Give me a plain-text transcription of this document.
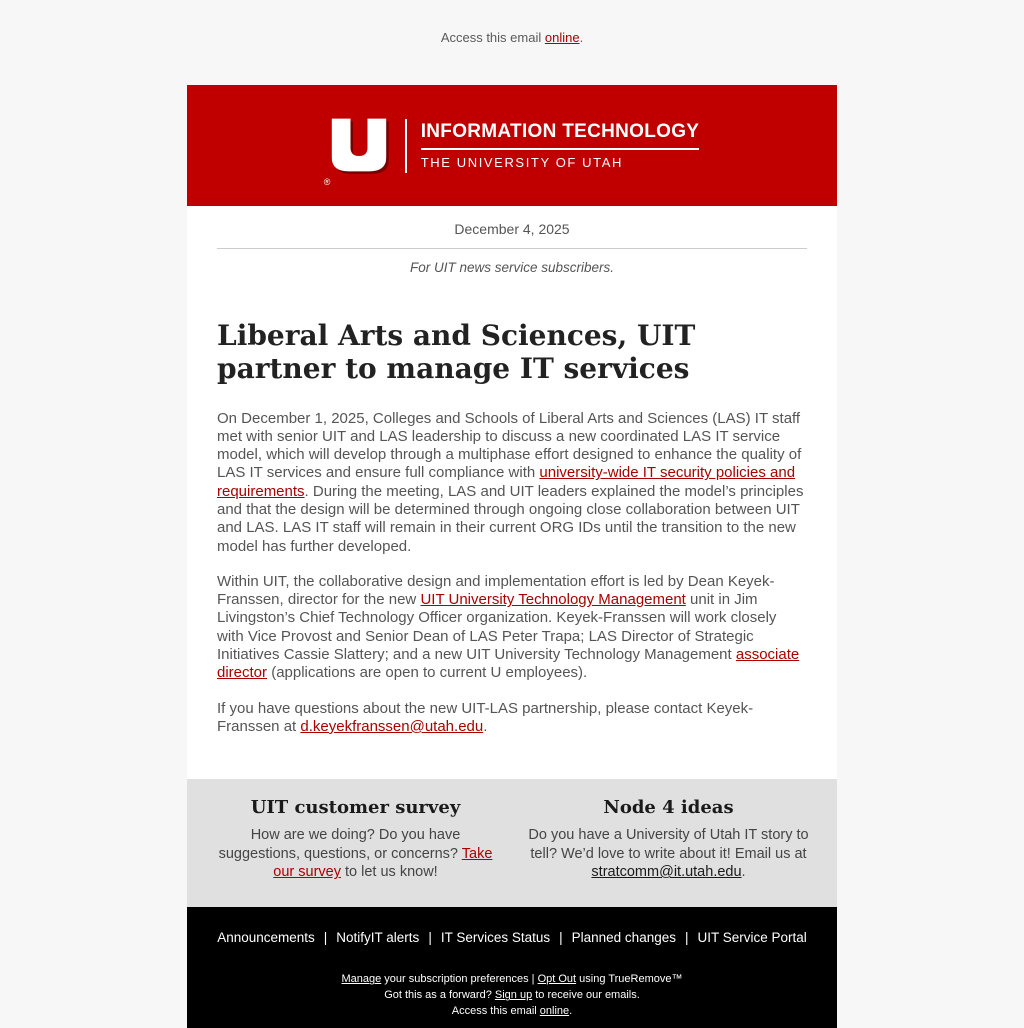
Access this email online.
®
INFORMATION TECHNOLOGY
THE UNIVERSITY OF UTAH
December 4, 2025
For UIT news service subscribers.
Liberal Arts and Sciences, UIT partner to manage IT services

On December 1, 2025, Colleges and Schools of Liberal Arts and Sciences (LAS) IT staff met with senior UIT and LAS leadership to discuss a new coordinated LAS IT service model, which will develop through a multiphase effort designed to enhance the quality of LAS IT services and ensure full compliance with university-wide IT security policies and requirements. During the meeting, LAS and UIT leaders explained the model’s principles and that the design will be determined through ongoing close collaboration between UIT and LAS. LAS IT staff will remain in their current ORG IDs until the transition to the new model has further developed.

Within UIT, the collaborative design and implementation effort is led by Dean Keyek-Franssen, director for the new UIT University Technology Management unit in Jim Livingston’s Chief Technology Officer organization. Keyek-Franssen will work closely with Vice Provost and Senior Dean of LAS Peter Trapa; LAS Director of Strategic Initiatives Cassie Slattery; and a new UIT University Technology Management associate director (applications are open to current U employees).

If you have questions about the new UIT-LAS partnership, please contact Keyek-Franssen at d.keyekfranssen@utah.edu.

UIT customer survey
How are we doing? Do you have suggestions, questions, or concerns? Take our survey to let us know!
Node 4 ideas
Do you have a University of Utah IT story to tell? We’d love to write about it! Email us at stratcomm@it.utah.edu.
Announcements | NotifyIT alerts | IT Services Status | Planned changes | UIT Service Portal
Manage your subscription preferences | Opt Out using TrueRemove™
Got this as a forward? Sign up to receive our emails.
Access this email online.
